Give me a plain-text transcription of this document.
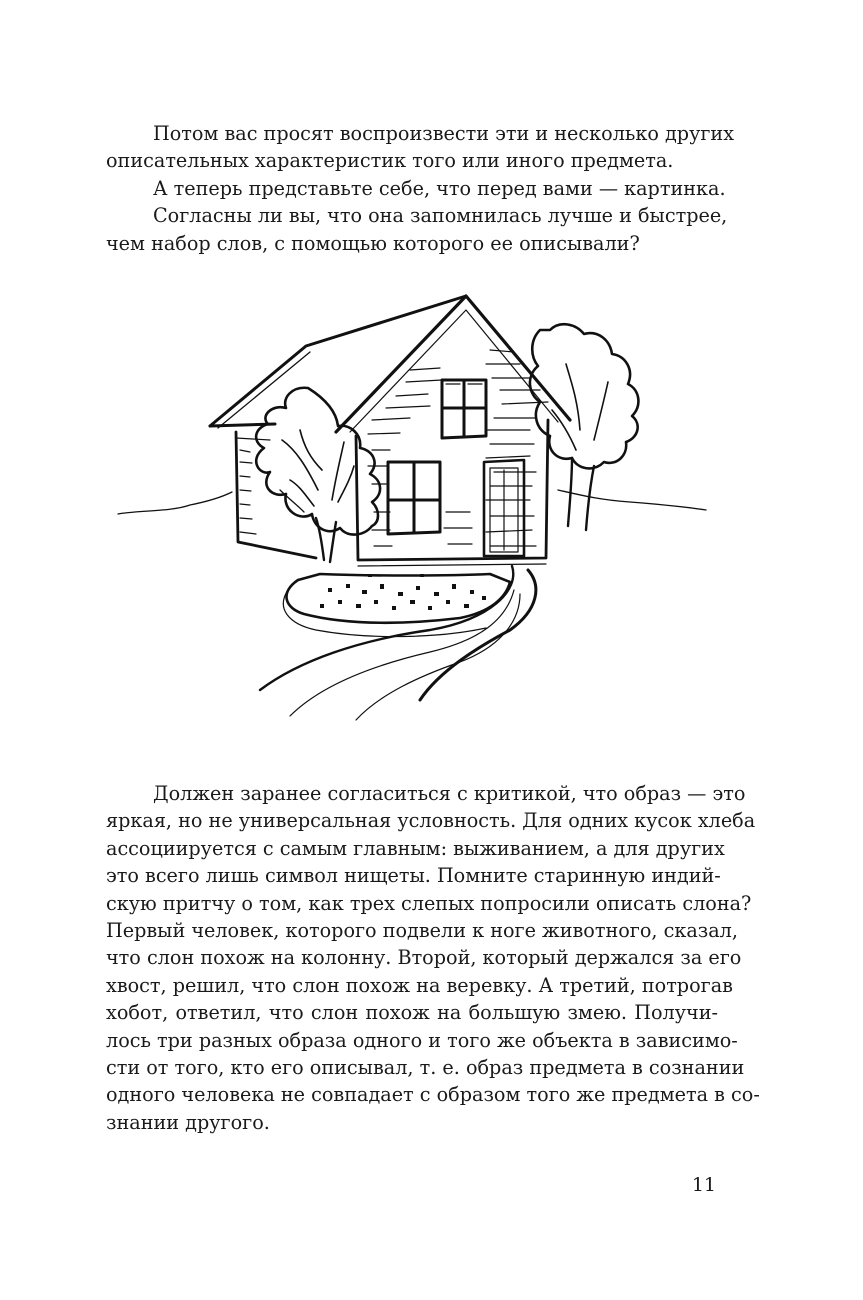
Потом вас просят воспроизвести эти и несколько других
описательных характеристик того или иного предмета.
А теперь представьте себе, что перед вами — картинка.
Согласны ли вы, что она запомнилась лучше и быстрее,
чем набор слов, с помощью которого ее описывали?
Должен заранее согласиться с критикой, что образ — это
яркая, но не универсальная условность. Для одних кусок хлеба
ассоциируется с самым главным: выживанием, а для других
это всего лишь символ нищеты. Помните старинную индий-
скую притчу о том, как трех слепых попросили описать слона?
Первый человек, которого подвели к ноге животного, сказал,
что слон похож на колонну. Второй, который держался за его
хвост, решил, что слон похож на веревку. А третий, потрогав
хобот, ответил, что слон похож на большую змею. Получи-
лось три разных образа одного и того же объекта в зависимо-
сти от того, кто его описывал, т. е. образ предмета в сознании
одного человека не совпадает с образом того же предмета в со-
знании другого.
11
